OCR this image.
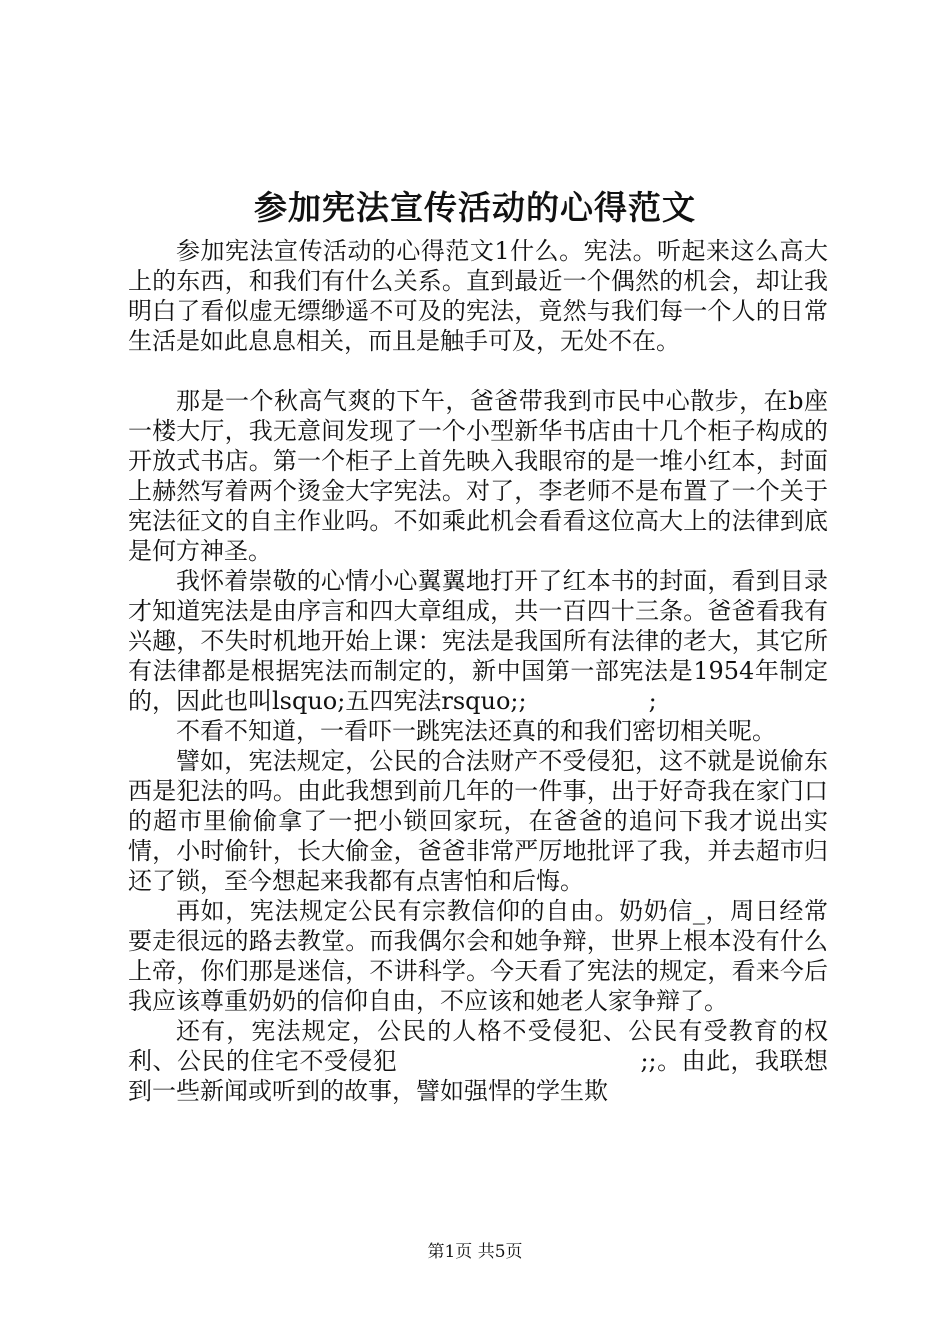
参加宪法宣传活动的心得范文

参加宪法宣传活动的心得范文1什么。宪法。听起来这么高大上的东西，和我们有什么关系。直到最近一个偶然的机会，却让我明白了看似虚无缥缈遥不可及的宪法，竟然与我们每一个人的日常生活是如此息息相关，而且是触手可及，无处不在。

那是一个秋高气爽的下午，爸爸带我到市民中心散步，在b座一楼大厅，我无意间发现了一个小型新华书店由十几个柜子构成的开放式书店。第一个柜子上首先映入我眼帘的是一堆小红本，封面上赫然写着两个烫金大字宪法。对了，李老师不是布置了一个关于宪法征文的自主作业吗。不如乘此机会看看这位高大上的法律到底是何方神圣。

我怀着崇敬的心情小心翼翼地打开了红本书的封面，看到目录才知道宪法是由序言和四大章组成，共一百四十三条。爸爸看我有兴趣，不失时机地开始上课：宪法是我国所有法律的老大，其它所有法律都是根据宪法而制定的，新中国第一部宪法是1954年制定的，因此也叫lsquo;五四宪法rsquo;;                ;

不看不知道，一看吓一跳宪法还真的和我们密切相关呢。

譬如，宪法规定，公民的合法财产不受侵犯，这不就是说偷东西是犯法的吗。由此我想到前几年的一件事，出于好奇我在家门口的超市里偷偷拿了一把小锁回家玩，在爸爸的追问下我才说出实情，小时偷针，长大偷金，爸爸非常严厉地批评了我，并去超市归还了锁，至今想起来我都有点害怕和后悔。

再如，宪法规定公民有宗教信仰的自由。奶奶信_，周日经常要走很远的路去教堂。而我偶尔会和她争辩，世界上根本没有什么上帝，你们那是迷信，不讲科学。今天看了宪法的规定，看来今后我应该尊重奶奶的信仰自由，不应该和她老人家争辩了。

还有，宪法规定，公民的人格不受侵犯、公民有受教育的权利、公民的住宅不受侵犯                              ;;。由此，我联想到一些新闻或听到的故事，譬如强悍的学生欺

第1页 共5页
